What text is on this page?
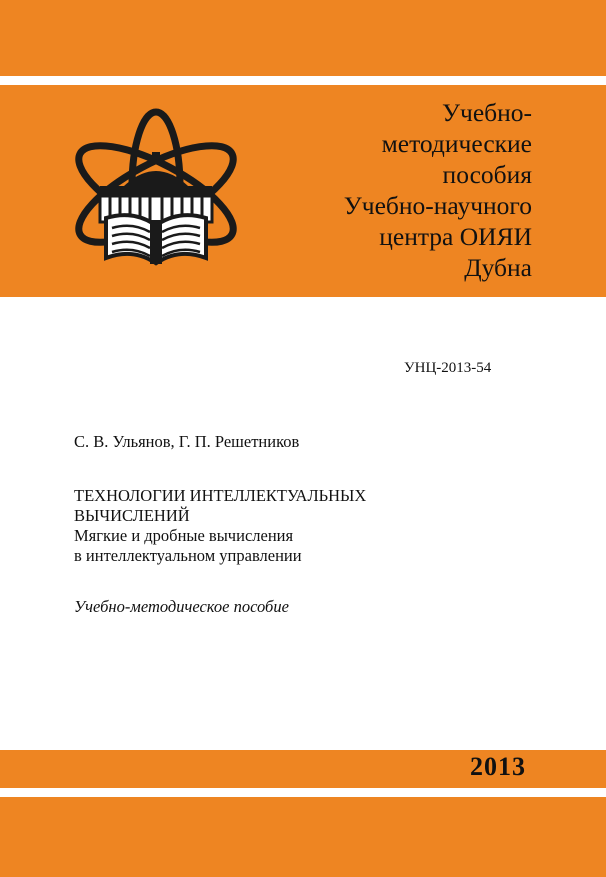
Учебно-
методические
пособия
Учебно-научного
центра ОИЯИ
Дубна
УНЦ-2013-54
С. В. Ульянов, Г. П. Решетников
ТЕХНОЛОГИИ ИНТЕЛЛЕКТУАЛЬНЫХ
ВЫЧИСЛЕНИЙ
Мягкие и дробные вычисления
в интеллектуальном управлении
Учебно-методическое пособие
2013
